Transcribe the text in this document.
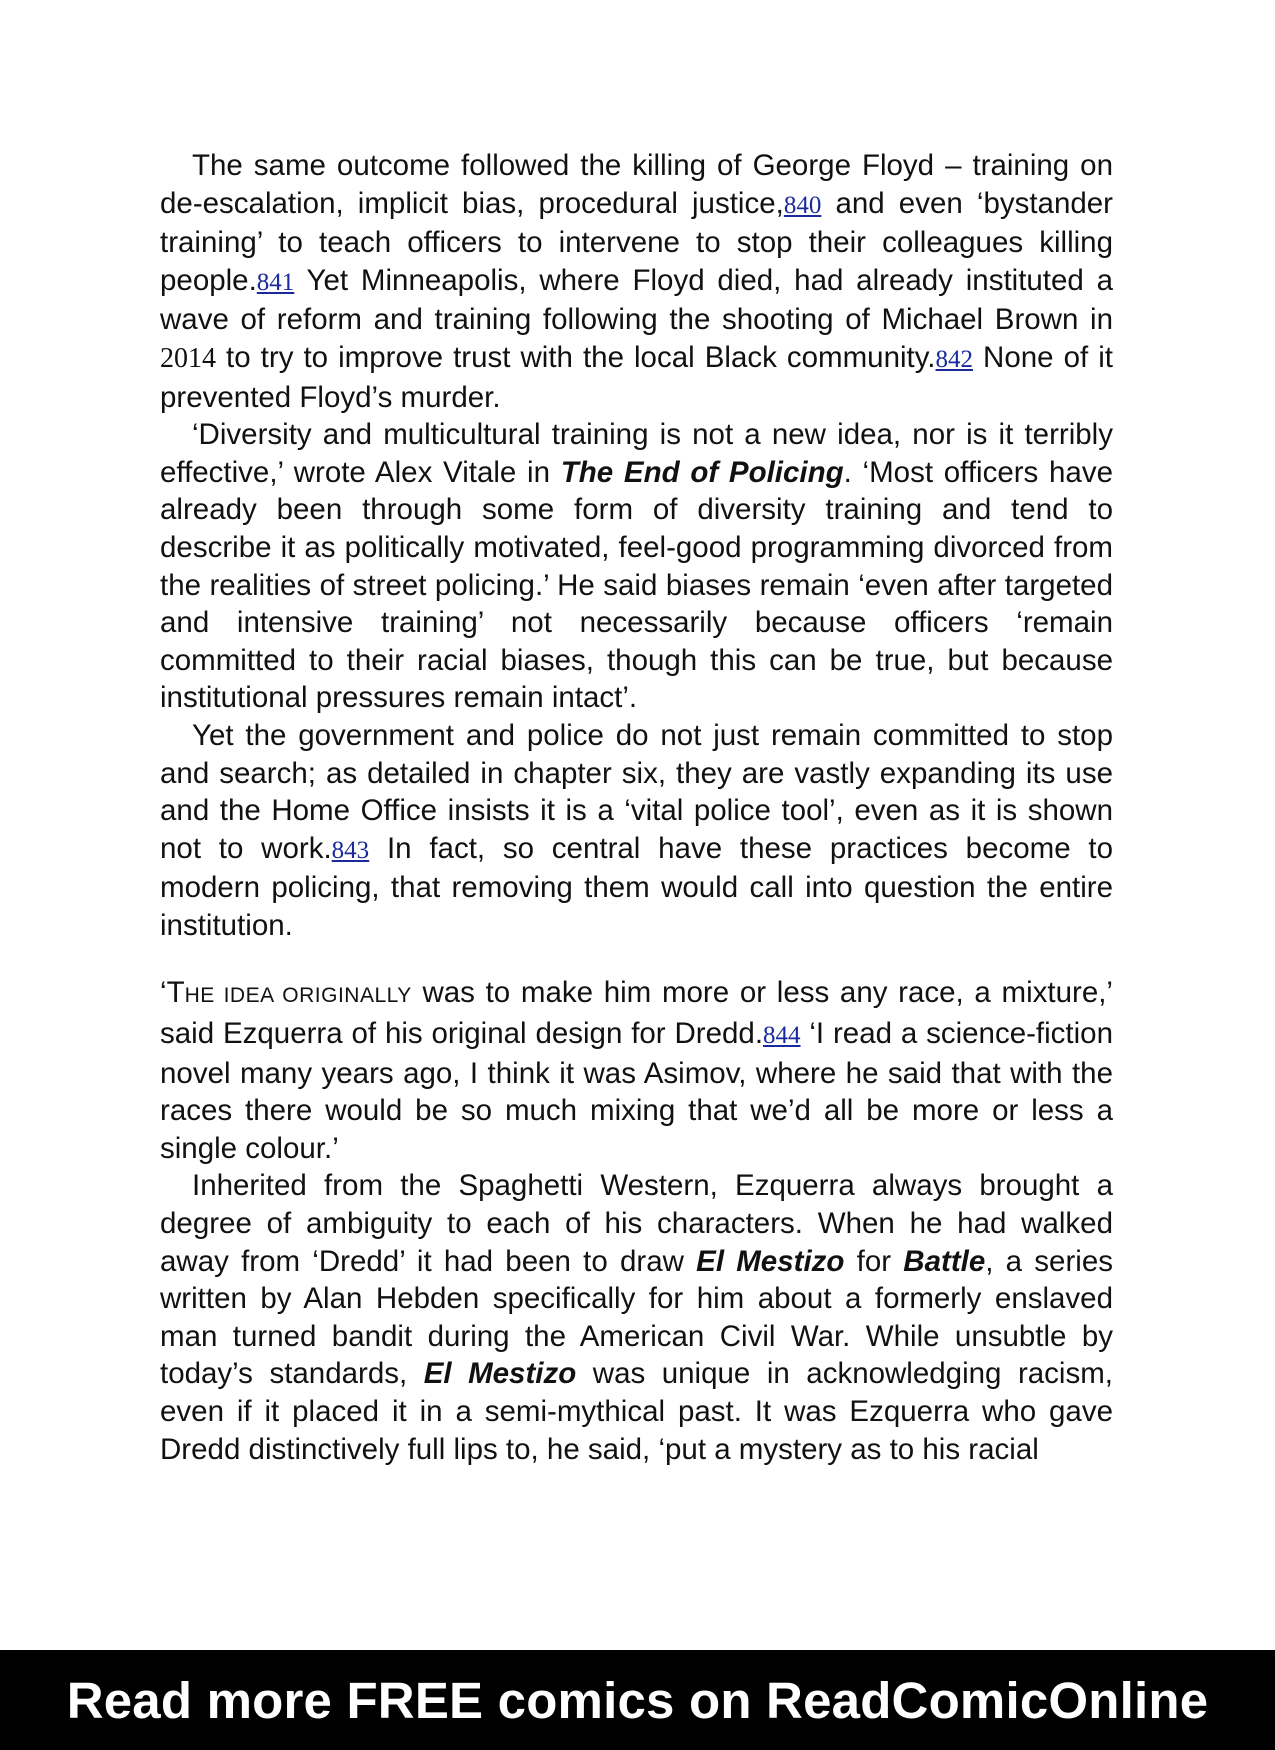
The same outcome followed the killing of George Floyd – training on de-escalation, implicit bias, procedural justice,840 and even ‘bystander training’ to teach officers to intervene to stop their colleagues killing people.841 Yet Minneapolis, where Floyd died, had already instituted a wave of reform and training following the shooting of Michael Brown in 2014 to try to improve trust with the local Black community.842 None of it prevented Floyd’s murder.

‘Diversity and multicultural training is not a new idea, nor is it terribly effective,’ wrote Alex Vitale in The End of Policing. ‘Most officers have already been through some form of diversity training and tend to describe it as politically motivated, feel-good programming divorced from the realities of street policing.’ He said biases remain ‘even after targeted and intensive training’ not necessarily because officers ‘remain committed to their racial biases, though this can be true, but because institutional pressures remain intact’.

Yet the government and police do not just remain committed to stop and search; as detailed in chapter six, they are vastly expanding its use and the Home Office insists it is a ‘vital police tool’, even as it is shown not to work.843 In fact, so central have these practices become to modern policing, that removing them would call into question the entire institution.

‘THE IDEA ORIGINALLY was to make him more or less any race, a mixture,’ said Ezquerra of his original design for Dredd.844 ‘I read a science-fiction novel many years ago, I think it was Asimov, where he said that with the races there would be so much mixing that we’d all be more or less a single colour.’

Inherited from the Spaghetti Western, Ezquerra always brought a degree of ambiguity to each of his characters. When he had walked away from ‘Dredd’ it had been to draw El Mestizo for Battle, a series written by Alan Hebden specifically for him about a formerly enslaved man turned bandit during the American Civil War. While unsubtle by today’s standards, El Mestizo was unique in acknowledging racism, even if it placed it in a semi-mythical past. It was Ezquerra who gave Dredd distinctively full lips to, he said, ‘put a mystery as to his racial

Read more FREE comics on ReadComicOnline
